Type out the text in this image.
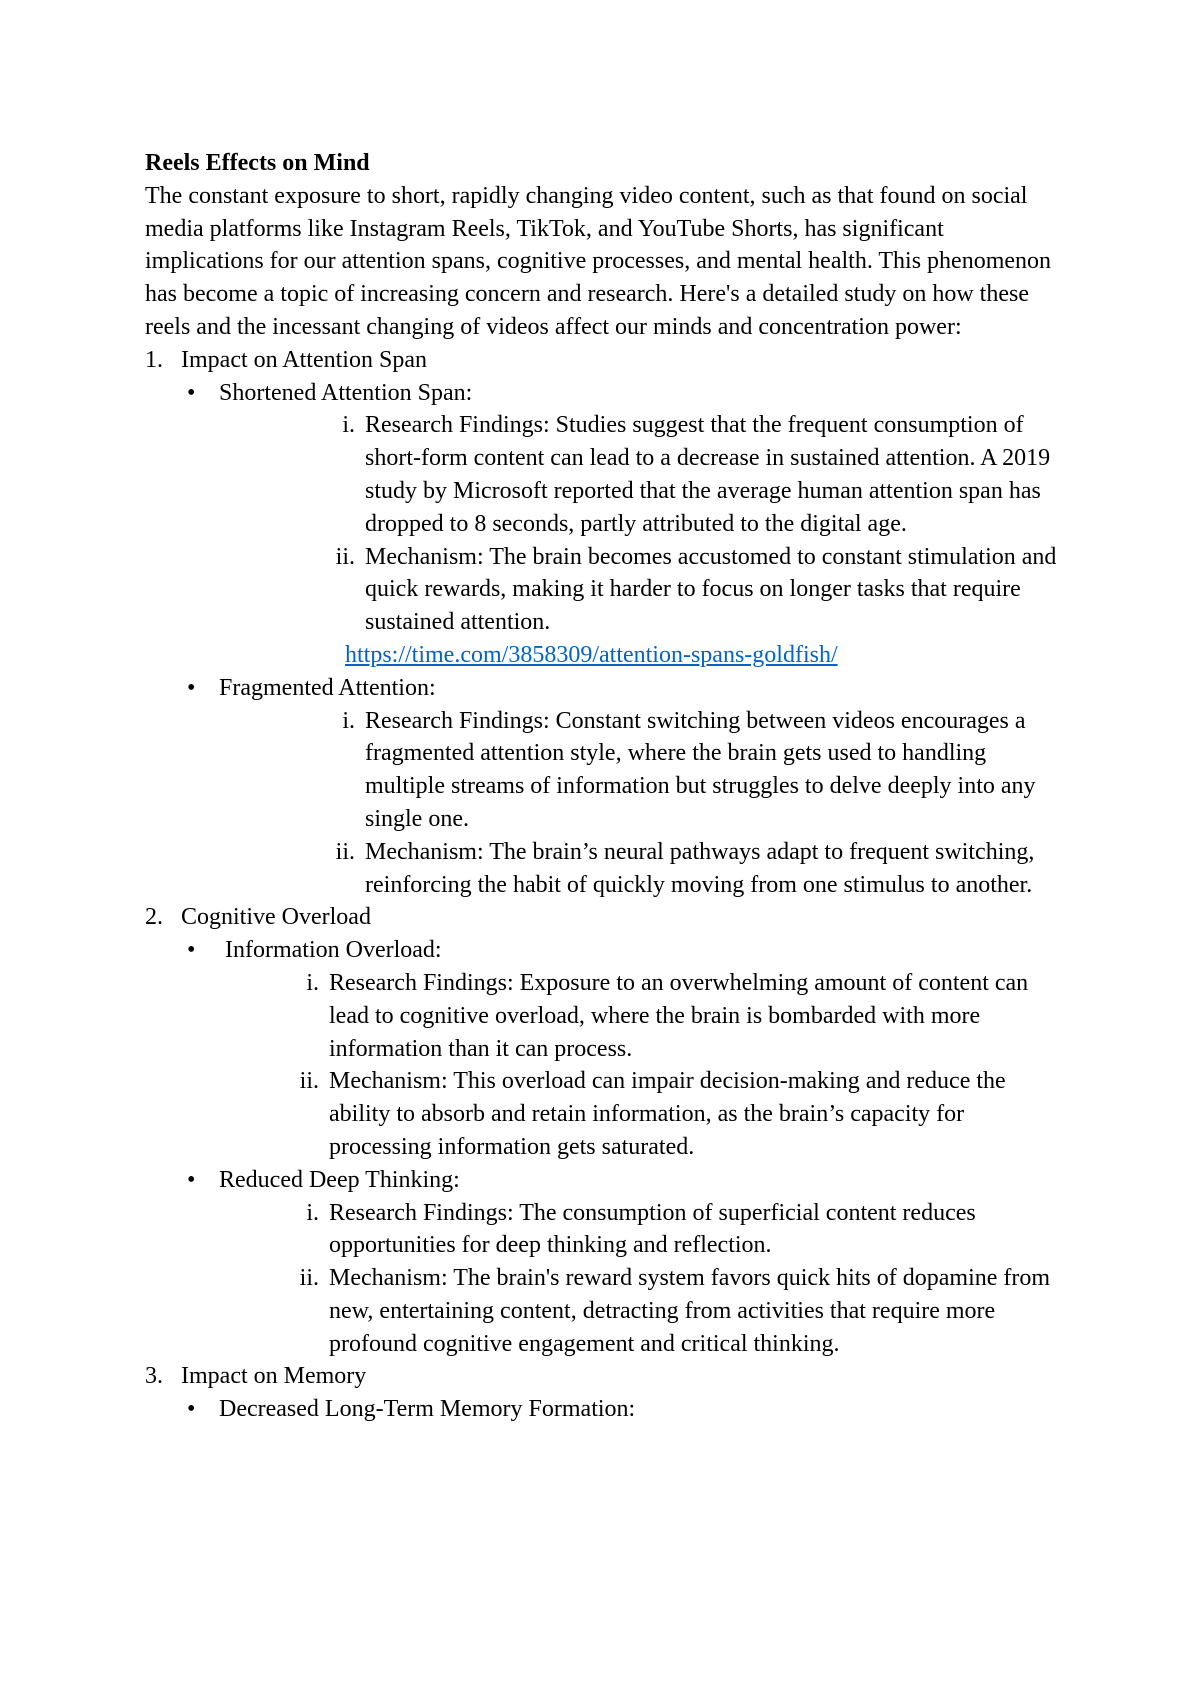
Reels Effects on Mind

The constant exposure to short, rapidly changing video content, such as that found on social media platforms like Instagram Reels, TikTok, and YouTube Shorts, has significant implications for our attention spans, cognitive processes, and mental health. This phenomenon has become a topic of increasing concern and research. Here's a detailed study on how these reels and the incessant changing of videos affect our minds and concentration power:

1. Impact on Attention Span
• Shortened Attention Span:
i. Research Findings: Studies suggest that the frequent consumption of short-form content can lead to a decrease in sustained attention. A 2019 study by Microsoft reported that the average human attention span has dropped to 8 seconds, partly attributed to the digital age.
ii. Mechanism: The brain becomes accustomed to constant stimulation and quick rewards, making it harder to focus on longer tasks that require sustained attention.
https://time.com/3858309/attention-spans-goldfish/
• Fragmented Attention:
i. Research Findings: Constant switching between videos encourages a fragmented attention style, where the brain gets used to handling multiple streams of information but struggles to delve deeply into any single one.
ii. Mechanism: The brain’s neural pathways adapt to frequent switching, reinforcing the habit of quickly moving from one stimulus to another.
2. Cognitive Overload
• Information Overload:
i. Research Findings: Exposure to an overwhelming amount of content can lead to cognitive overload, where the brain is bombarded with more information than it can process.
ii. Mechanism: This overload can impair decision-making and reduce the ability to absorb and retain information, as the brain’s capacity for processing information gets saturated.
• Reduced Deep Thinking:
i. Research Findings: The consumption of superficial content reduces opportunities for deep thinking and reflection.
ii. Mechanism: The brain's reward system favors quick hits of dopamine from new, entertaining content, detracting from activities that require more profound cognitive engagement and critical thinking.
3. Impact on Memory
• Decreased Long-Term Memory Formation:
